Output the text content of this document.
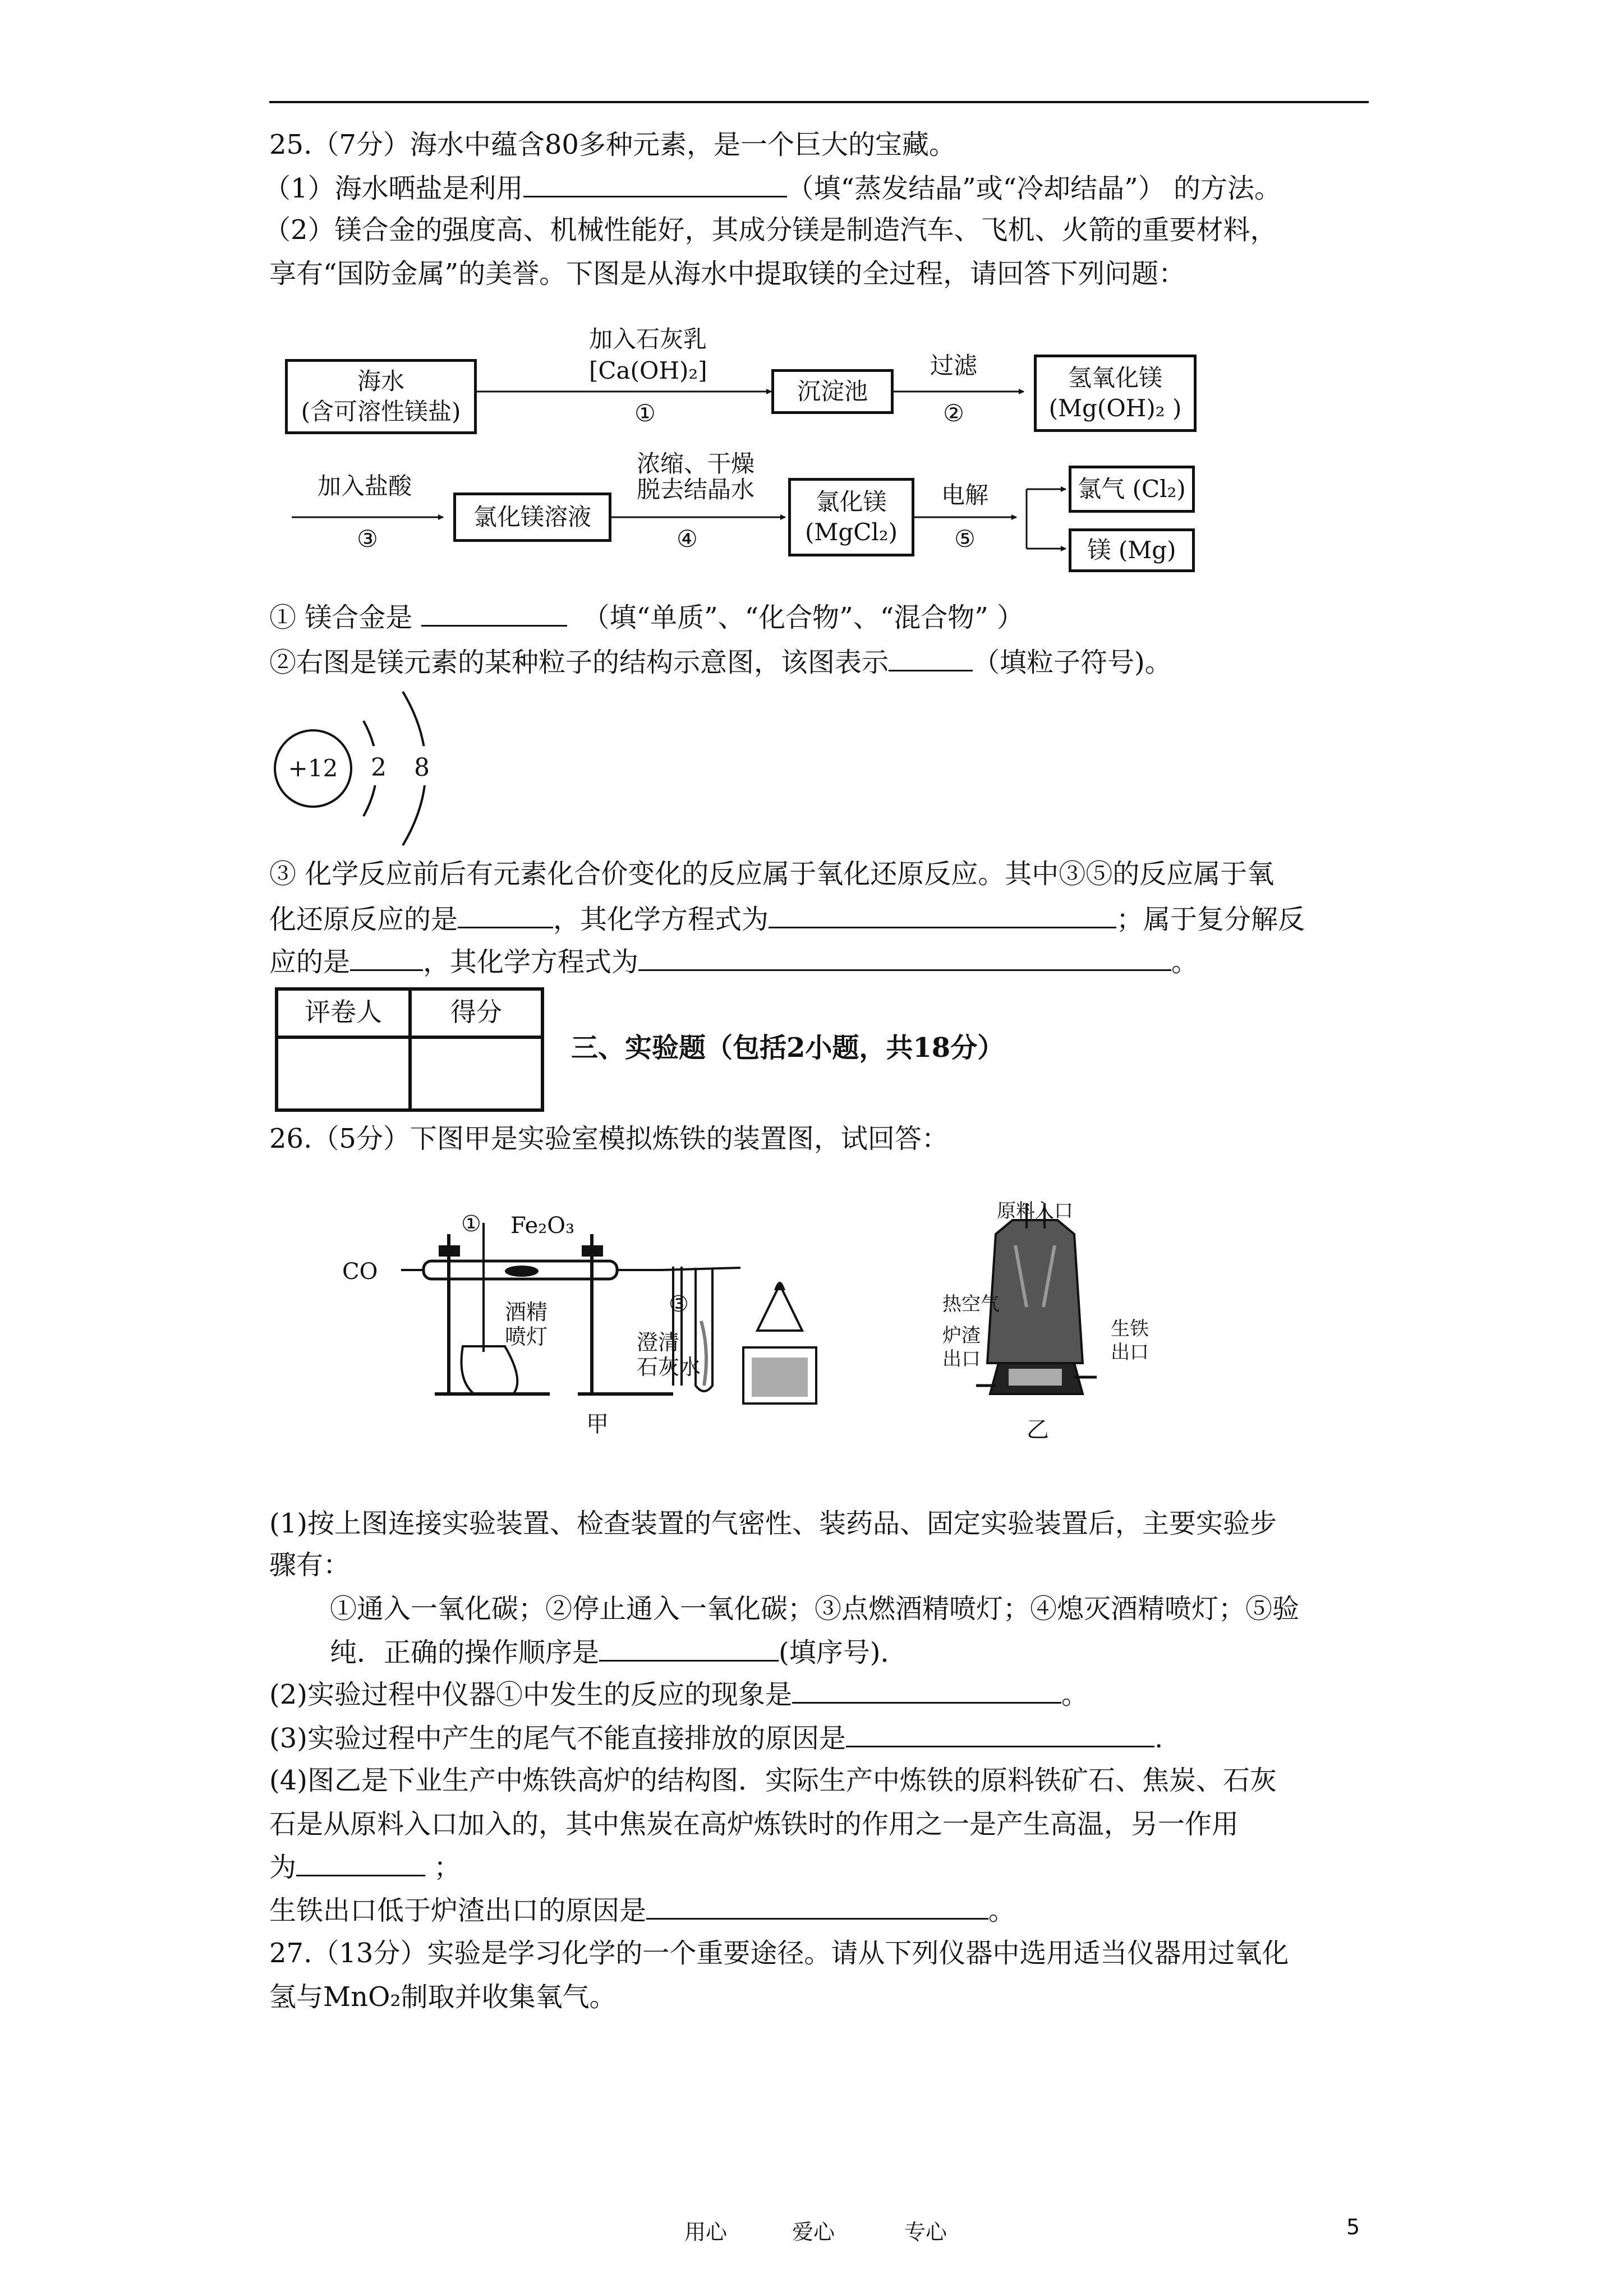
25.（7分）海水中蕴含80多种元素，是一个巨大的宝藏。
（1）海水晒盐是利用	（填“蒸发结晶”或“冷却结晶”） 的方法。
（2）镁合金的强度高、机械性能好，其成分镁是制造汽车、飞机、火箭的重要材料，
享有“国防金属”的美誉。下图是从海水中提取镁的全过程，请回答下列问题：
海水
(含可溶性镁盐)
加入石灰乳
[Ca(OH)₂]
①
沉淀池
过滤
②
氢氧化镁
(Mg(OH)₂ )
加入盐酸
③
氯化镁溶液
浓缩、干燥
脱去结晶水
④
氯化镁
(MgCl₂)
电解
⑤
氯气 (Cl₂)
镁 (Mg)
① 镁合金是	（填“单质”、“化合物”、“混合物” ）
②右图是镁元素的某种粒子的结构示意图，该图表示	（填粒子符号)。
+12 2 8
③ 化学反应前后有元素化合价变化的反应属于氧化还原反应。其中③⑤的反应属于氧
化还原反应的是	，其化学方程式为	；属于复分解反
应的是	，其化学方程式为	。
评卷人	得分
三、实验题（包括2小题，共18分）
26.（5分）下图甲是实验室模拟炼铁的装置图，试回答：
CO
① Fe₂O₃
酒精
喷灯
③
澄清
石灰水
甲
原料入口
热空气
炉渣
出口
生铁
出口
乙
(1)按上图连接实验装置、检查装置的气密性、装药品、固定实验装置后，主要实验步
骤有：
①通入一氧化碳；②停止通入一氧化碳；③点燃酒精喷灯；④熄灭酒精喷灯；⑤验
纯．正确的操作顺序是	(填序号)．
(2)实验过程中仪器①中发生的反应的现象是	。
(3)实验过程中产生的尾气不能直接排放的原因是	.
(4)图乙是下业生产中炼铁高炉的结构图．实际生产中炼铁的原料铁矿石、焦炭、石灰
石是从原料入口加入的，其中焦炭在高炉炼铁时的作用之一是产生高温，另一作用
为	；
生铁出口低于炉渣出口的原因是	。
27.（13分）实验是学习化学的一个重要途径。请从下列仪器中选用适当仪器用过氧化
氢与MnO₂制取并收集氧气。
用心	爱心	专心	5
